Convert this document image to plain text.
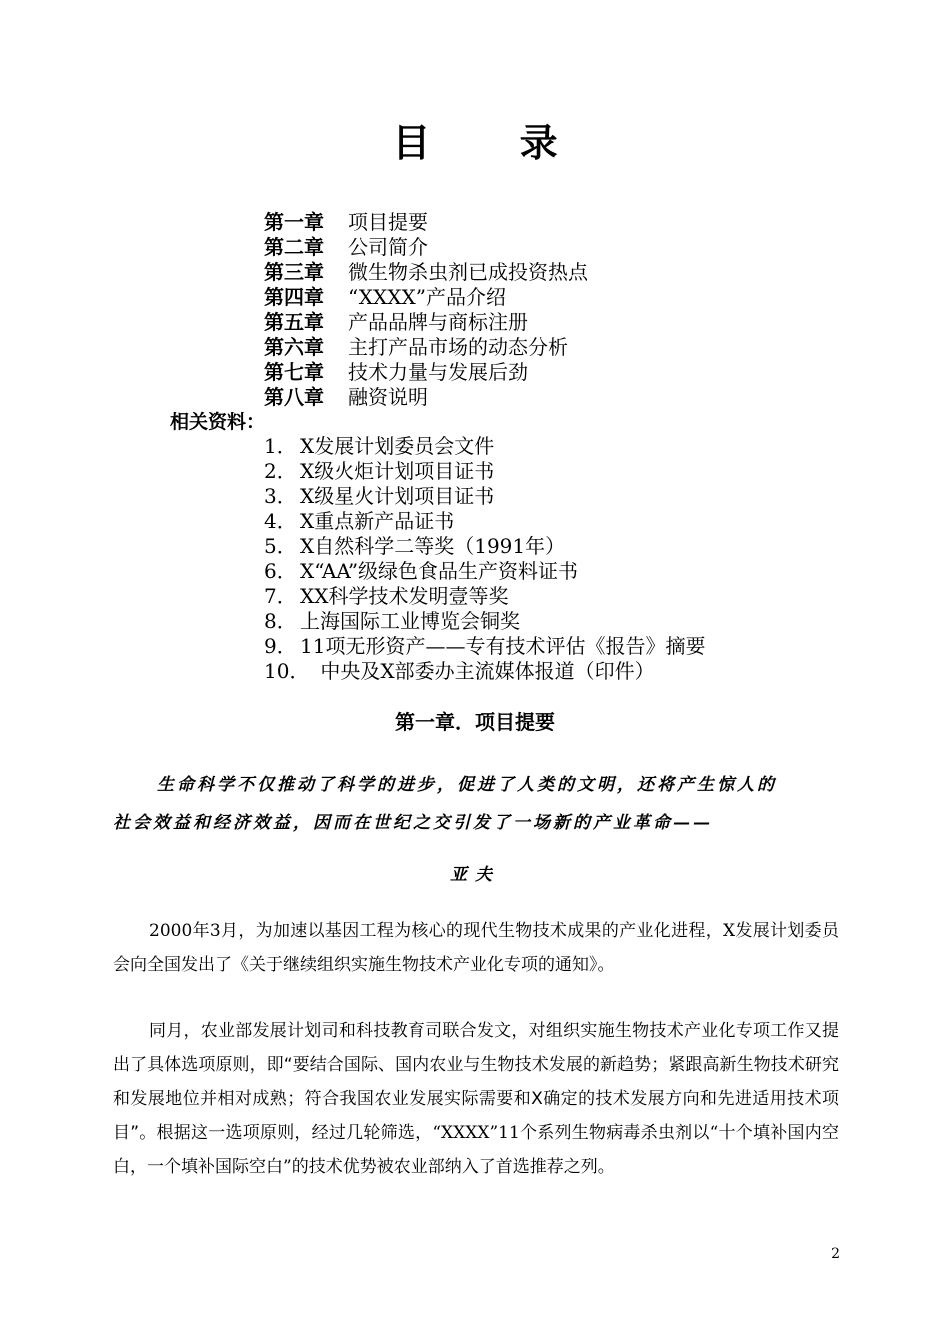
目 录
第一章 项目提要
第二章 公司简介
第三章 微生物杀虫剂已成投资热点
第四章 “XXXX”产品介绍
第五章 产品品牌与商标注册
第六章 主打产品市场的动态分析
第七章 技术力量与发展后劲
第八章 融资说明
相关资料：
1． X发展计划委员会文件
2． X级火炬计划项目证书
3． X级星火计划项目证书
4． X重点新产品证书
5． X自然科学二等奖（1991年）
6． X“AA”级绿色食品生产资料证书
7． XX科学技术发明壹等奖
8． 上海国际工业博览会铜奖
9． 11项无形资产——专有技术评估《报告》摘要
10． 中央及X部委办主流媒体报道（印件）
第一章．项目提要
生命科学不仅推动了科学的进步，促进了人类的文明，还将产生惊人的
社会效益和经济效益，因而在世纪之交引发了一场新的产业革命——
亚夫
2000年3月，为加速以基因工程为核心的现代生物技术成果的产业化进程，X发展计划委员会向全国发出了《关于继续组织实施生物技术产业化专项的通知》。
同月，农业部发展计划司和科技教育司联合发文，对组织实施生物技术产业化专项工作又提出了具体选项原则，即“要结合国际、国内农业与生物技术发展的新趋势；紧跟高新生物技术研究和发展地位并相对成熟；符合我国农业发展实际需要和X确定的技术发展方向和先进适用技术项目”。根据这一选项原则，经过几轮筛选，“XXXX”11个系列生物病毒杀虫剂以“十个填补国内空白，一个填补国际空白”的技术优势被农业部纳入了首选推荐之列。
2
